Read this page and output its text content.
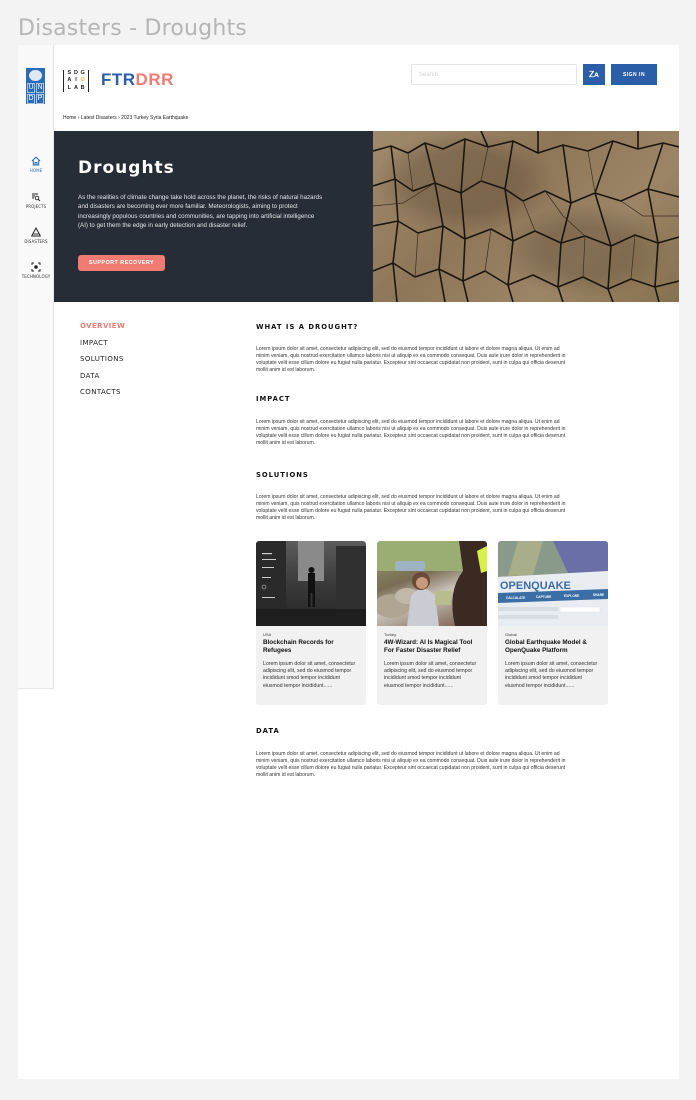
Disasters - Droughts
U N
D P
HOME
PROJECTS
DISASTERS
TECHNOLOGY
S D G
A I O
L A B FTRDRR
Search	Ꮓᴀ	SIGN IN
Home › Latest Disasters › 2023 Turkey Syria Earthquake
Droughts
As the realities of climate change take hold across the planet, the risks of natural hazards and disasters are becoming ever more familiar. Meteorologists, aiming to protect increasingly populous countries and communities, are tapping into artificial intelligence (AI) to get them the edge in early detection and disaster relief.
SUPPORT RECOVERY
OVERVIEW
IMPACT
SOLUTIONS
DATA
CONTACTS
WHAT IS A DROUGHT?
Lorem ipsum dolor sit amet, consectetur adipiscing elit, sed do eiusmod tempor incididunt ut labore et dolore magna aliqua. Ut enim ad minim veniam, quis nostrud exercitation ullamco laboris nisi ut aliquip ex ea commodo consequat. Duis aute irure dolor in reprehenderit in voluptate velit esse cillum dolore eu fugiat nulla pariatur. Excepteur sint occaecat cupidatat non proident, sunt in culpa qui officia deserunt mollit anim id est laborum.
IMPACT
Lorem ipsum dolor sit amet, consectetur adipiscing elit, sed do eiusmod tempor incididunt ut labore et dolore magna aliqua. Ut enim ad minim veniam, quis nostrud exercitation ullamco laboris nisi ut aliquip ex ea commodo consequat. Duis aute irure dolor in reprehenderit in voluptate velit esse cillum dolore eu fugiat nulla pariatur. Excepteur sint occaecat cupidatat non proident, sunt in culpa qui officia deserunt mollit anim id est laborum.
SOLUTIONS
Lorem ipsum dolor sit amet, consectetur adipiscing elit, sed do eiusmod tempor incididunt ut labore et dolore magna aliqua. Ut enim ad minim veniam, quis nostrud exercitation ullamco laboris nisi ut aliquip ex ea commodo consequat. Duis aute irure dolor in reprehenderit in voluptate velit esse cillum dolore eu fugiat nulla pariatur. Excepteur sint occaecat cupidatat non proident, sunt in culpa qui officia deserunt mollit anim id est laborum.
USA
Blockchain Records for Refugees
Lorem ipsum dolor sit amet, consectetur adipiscing elit, sed do eiusmod tempor incididunt smod tempor incididunt eiusmod tempor incididunt......
Turkey
4W-Wizard: AI Is Magical Tool For Faster Disaster Relief
Lorem ipsum dolor sit amet, consectetur adipiscing elit, sed do eiusmod tempor incididunt smod tempor incididunt eiusmod tempor incididunt......
CALCULATE	CAPTURE	EXPLORE	SHARE
OPENQUAKE
Global
Global Earthquake Model & OpenQuake Platform
Lorem ipsum dolor sit amet, consectetur adipiscing elit, sed do eiusmod tempor incididunt smod tempor incididunt eiusmod tempor incididunt......
DATA
Lorem ipsum dolor sit amet, consectetur adipiscing elit, sed do eiusmod tempor incididunt ut labore et dolore magna aliqua. Ut enim ad minim veniam, quis nostrud exercitation ullamco laboris nisi ut aliquip ex ea commodo consequat. Duis aute irure dolor in reprehenderit in voluptate velit esse cillum dolore eu fugiat nulla pariatur. Excepteur sint occaecat cupidatat non proident, sunt in culpa qui officia deserunt mollit anim id est laborum.
